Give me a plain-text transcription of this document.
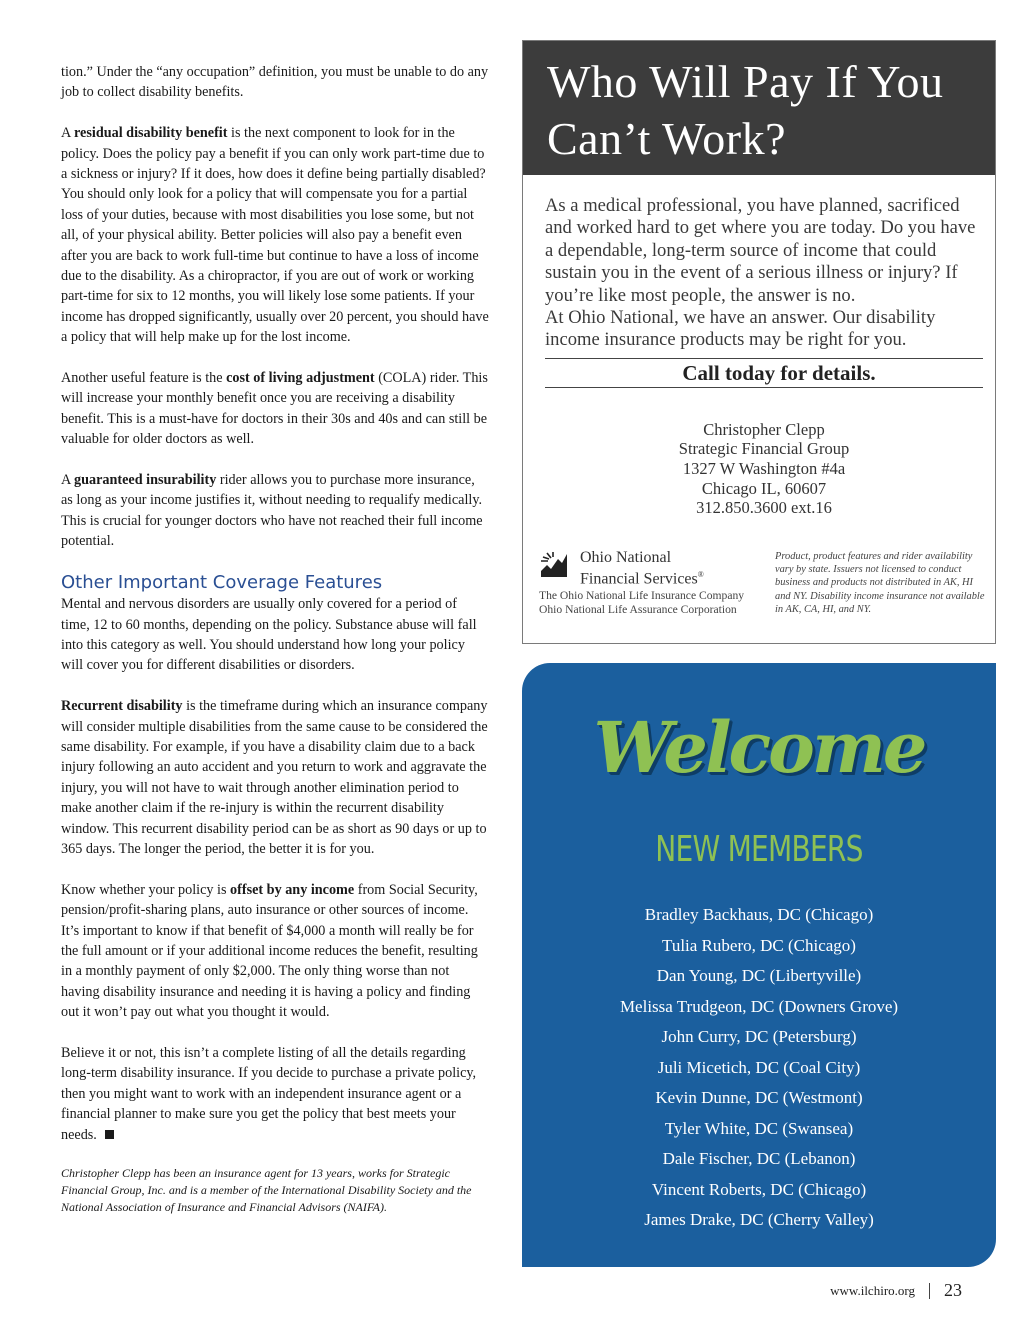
tion.” Under the “any occupation” definition, you must be unable to do any job to collect disability benefits.

A residual disability benefit is the next component to look for in the policy. Does the policy pay a benefit if you can only work part-time due to a sickness or injury? If it does, how does it define being partially disabled? You should only look for a policy that will compensate you for a partial loss of your duties, because with most disabilities you lose some, but not all, of your physical ability. Better policies will also pay a benefit even after you are back to work full-time but continue to have a loss of income due to the disability. As a chiropractor, if you are out of work or working part-time for six to 12 months, you will likely lose some patients. If your income has dropped significantly, usually over 20 percent, you should have a policy that will help make up for the lost income.

Another useful feature is the cost of living adjustment (COLA) rider. This will increase your monthly benefit once you are receiving a disability benefit. This is a must-have for doctors in their 30s and 40s and can still be valuable for older doctors as well.

A guaranteed insurability rider allows you to purchase more insurance, as long as your income justifies it, without needing to requalify medically. This is crucial for younger doctors who have not reached their full income potential.

Other Important Coverage Features

Mental and nervous disorders are usually only covered for a period of time, 12 to 60 months, depending on the policy. Substance abuse will fall into this category as well. You should understand how long your policy will cover you for different disabilities or disorders.

Recurrent disability is the timeframe during which an insurance company will consider multiple disabilities from the same cause to be considered the same disability. For example, if you have a disability claim due to a back injury following an auto accident and you return to work and aggravate the injury, you will not have to wait through another elimination period to make another claim if the re-injury is within the recurrent disability window. This recurrent disability period can be as short as 90 days or up to 365 days. The longer the period, the better it is for you.

Know whether your policy is offset by any income from Social Security, pension/profit-sharing plans, auto insurance or other sources of income. It’s important to know if that benefit of $4,000 a month will really be for the full amount or if your additional income reduces the benefit, resulting in a monthly payment of only $2,000. The only thing worse than not having disability insurance and needing it is having a policy and finding out it won’t pay out what you thought it would.

Believe it or not, this isn’t a complete listing of all the details regarding long-term disability insurance. If you decide to purchase a private policy, then you might want to work with an independent insurance agent or a financial planner to make sure you get the policy that best meets your needs.

Christopher Clepp has been an insurance agent for 13 years, works for Strategic Financial Group, Inc. and is a member of the International Disability Society and the National Association of Insurance and Financial Advisors (NAIFA).

Who Will Pay If You
Can’t Work?

As a medical professional, you have planned, sacrificed and worked hard to get where you are today. Do you have a dependable, long-term source of income that could sustain you in the event of a serious illness or injury? If you’re like most people, the answer is no.

At Ohio National, we have an answer. Our disability income insurance products may be right for you.

Call today for details.
Christopher Clepp
Strategic Financial Group
1327 W Washington #4a
Chicago IL, 60607
312.850.3600 ext.16
Ohio National
Financial Services®
The Ohio National Life Insurance Company
Ohio National Life Assurance Corporation
Product, product features and rider availability vary by state. Issuers not licensed to conduct business and products not distributed in AK, HI and NY. Disability income insurance not available in AK, CA, HI, and NY.
Welcome
NEW MEMBERS
Bradley Backhaus, DC (Chicago)
Tulia Rubero, DC (Chicago)
Dan Young, DC (Libertyville)
Melissa Trudgeon, DC (Downers Grove)
John Curry, DC (Petersburg)
Juli Micetich, DC (Coal City)
Kevin Dunne, DC (Westmont)
Tyler White, DC (Swansea)
Dale Fischer, DC (Lebanon)
Vincent Roberts, DC (Chicago)
James Drake, DC (Cherry Valley)
www.ilchiro.org 23
